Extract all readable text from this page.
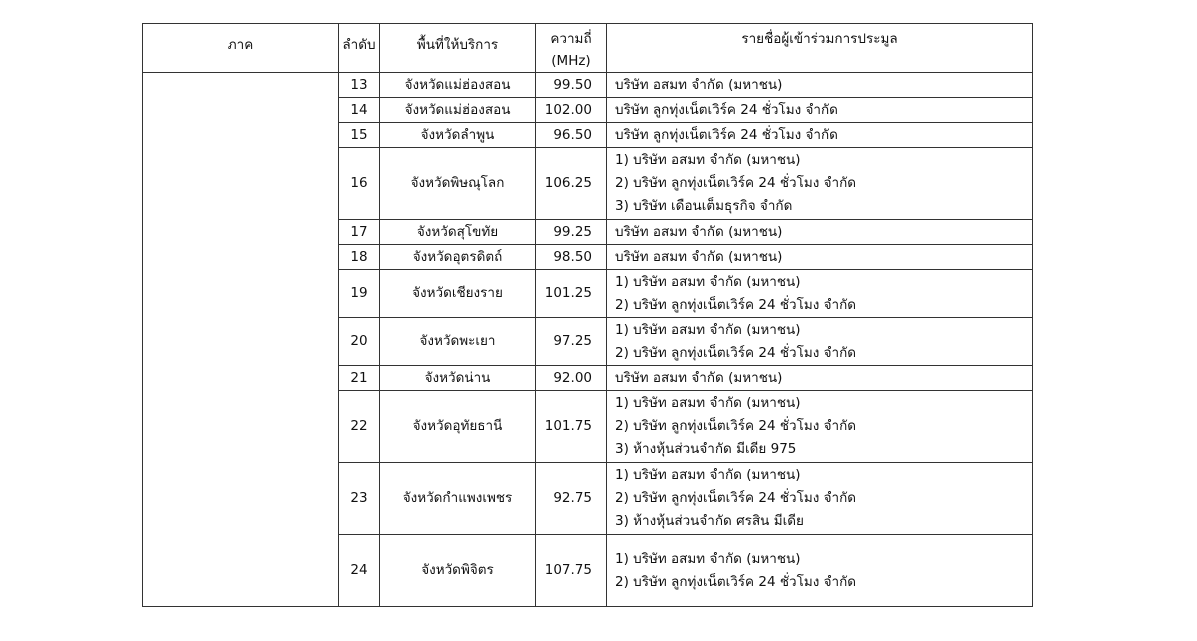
ภาค	ลำดับ	พื้นที่ให้บริการ	ความถี่
(MHz)	รายชื่อผู้เข้าร่วมการประมูล
	13	จังหวัดแม่ฮ่องสอน	99.50	บริษัท อสมท จำกัด (มหาชน)

	14	จังหวัดแม่ฮ่องสอน	102.00	บริษัท ลูกทุ่งเน็ตเวิร์ค 24 ชั่วโมง จำกัด

	15	จังหวัดลำพูน	96.50	บริษัท ลูกทุ่งเน็ตเวิร์ค 24 ชั่วโมง จำกัด

	16	จังหวัดพิษณุโลก	106.25	1) บริษัท อสมท จำกัด (มหาชน)
2) บริษัท ลูกทุ่งเน็ตเวิร์ค 24 ชั่วโมง จำกัด
3) บริษัท เดือนเต็มธุรกิจ จำกัด

	17	จังหวัดสุโขทัย	99.25	บริษัท อสมท จำกัด (มหาชน)

	18	จังหวัดอุตรดิตถ์	98.50	บริษัท อสมท จำกัด (มหาชน)

	19	จังหวัดเชียงราย	101.25	1) บริษัท อสมท จำกัด (มหาชน)
2) บริษัท ลูกทุ่งเน็ตเวิร์ค 24 ชั่วโมง จำกัด

	20	จังหวัดพะเยา	97.25	1) บริษัท อสมท จำกัด (มหาชน)
2) บริษัท ลูกทุ่งเน็ตเวิร์ค 24 ชั่วโมง จำกัด

	21	จังหวัดน่าน	92.00	บริษัท อสมท จำกัด (มหาชน)

	22	จังหวัดอุทัยธานี	101.75	1) บริษัท อสมท จำกัด (มหาชน)
2) บริษัท ลูกทุ่งเน็ตเวิร์ค 24 ชั่วโมง จำกัด
3) ห้างหุ้นส่วนจำกัด มีเดีย 975

	23	จังหวัดกำแพงเพชร	92.75	1) บริษัท อสมท จำกัด (มหาชน)
2) บริษัท ลูกทุ่งเน็ตเวิร์ค 24 ชั่วโมง จำกัด
3) ห้างหุ้นส่วนจำกัด ศรสิน มีเดีย

	24	จังหวัดพิจิตร	107.75	1) บริษัท อสมท จำกัด (มหาชน)
2) บริษัท ลูกทุ่งเน็ตเวิร์ค 24 ชั่วโมง จำกัด
